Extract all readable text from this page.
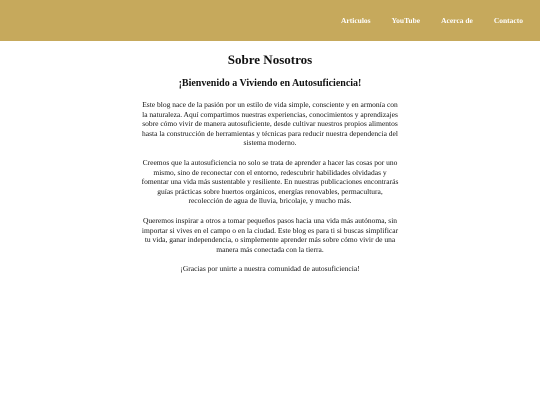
Articulos	YouTube	Acerca de	Contacto
Sobre Nosotros
¡Bienvenido a Viviendo en Autosuficiencia!

Este blog nace de la pasión por un estilo de vida simple, consciente y en armonía con la naturaleza. Aquí compartimos nuestras experiencias, conocimientos y aprendizajes sobre cómo vivir de manera autosuficiente, desde cultivar nuestros propios alimentos hasta la construcción de herramientas y técnicas para reducir nuestra dependencia del sistema moderno.

Creemos que la autosuficiencia no solo se trata de aprender a hacer las cosas por uno mismo, sino de reconectar con el entorno, redescubrir habilidades olvidadas y fomentar una vida más sustentable y resiliente. En nuestras publicaciones encontrarás guías prácticas sobre huertos orgánicos, energías renovables, permacultura, recolección de agua de lluvia, bricolaje, y mucho más.

Queremos inspirar a otros a tomar pequeños pasos hacia una vida más autónoma, sin importar si vives en el campo o en la ciudad. Este blog es para ti si buscas simplificar tu vida, ganar independencia, o simplemente aprender más sobre cómo vivir de una manera más conectada con la tierra.

¡Gracias por unirte a nuestra comunidad de autosuficiencia!
